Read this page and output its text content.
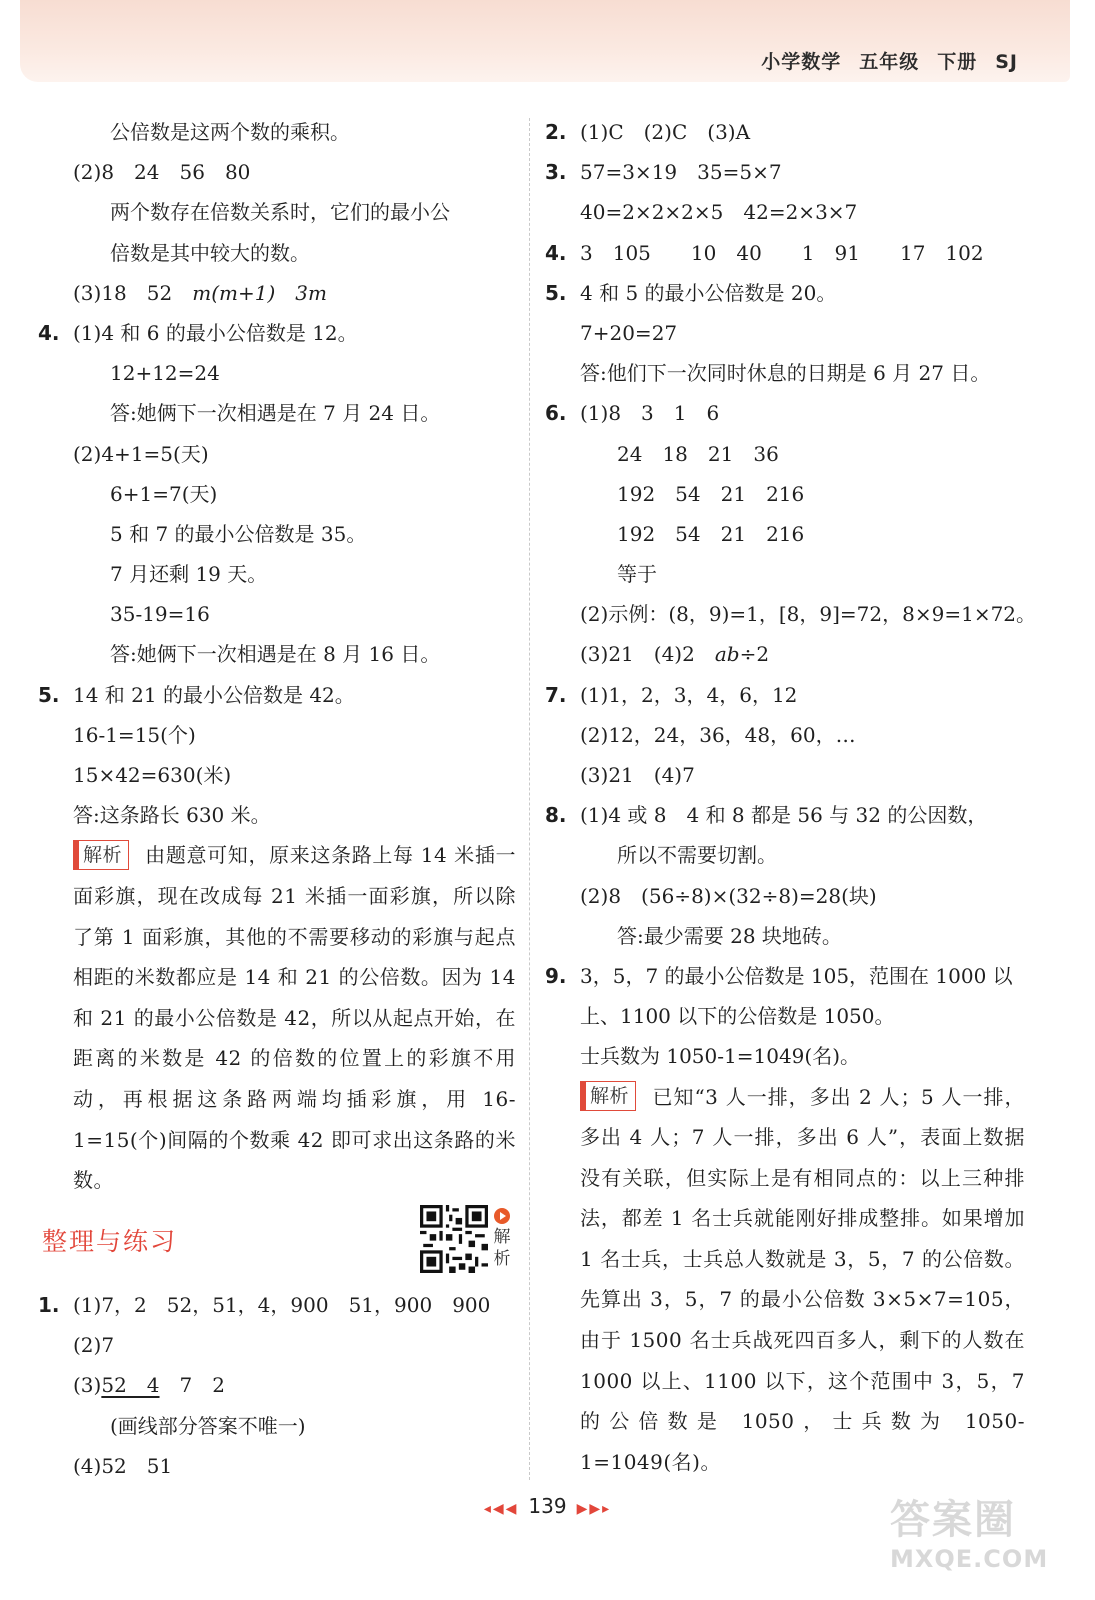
小学数学 五年级 下册 SJ
公倍数是这两个数的乘积。
(2)8　24　56　80
两个数存在倍数关系时，它们的最小公
倍数是其中较大的数。
(3)18　52　m(m+1)　3m
4. (1)4 和 6 的最小公倍数是 12。
12+12=24
答:她俩下一次相遇是在 7 月 24 日。
(2)4+1=5(天)
6+1=7(天)
5 和 7 的最小公倍数是 35。
7 月还剩 19 天。
35-19=16
答:她俩下一次相遇是在 8 月 16 日。
5. 14 和 21 的最小公倍数是 42。
16-1=15(个)
15×42=630(米)
答:这条路长 630 米。
解析 由题意可知，原来这条路上每 14 米插一面彩旗，现在改成每 21 米插一面彩旗，所以除了第 1 面彩旗，其他的不需要移动的彩旗与起点相距的米数都应是 14 和 21 的公倍数。因为 14 和 21 的最小公倍数是 42，所以从起点开始，在距离的米数是 42 的倍数的位置上的彩旗不用动，再根据这条路两端均插彩旗，用 16-1=15(个)间隔的个数乘 42 即可求出这条路的米数。
整理与练习	解析
1. (1)7，2　52，51，4，900　51，900　900
(2)7
(3)52　4　7　2
(画线部分答案不唯一)
(4)52　51
2. (1)C　(2)C　(3)A
3. 57=3×19　35=5×7
40=2×2×2×5　42=2×3×7
4. 3　105　　10　40　　1　91　　17　102
5. 4 和 5 的最小公倍数是 20。
7+20=27
答:他们下一次同时休息的日期是 6 月 27 日。
6. (1)8　3　1　6
24　18　21　36
192　54　21　216
192　54　21　216
等于
(2)示例：(8，9)=1，[8，9]=72，8×9=1×72。
(3)21　(4)2　ab÷2
7. (1)1，2，3，4，6，12
(2)12，24，36，48，60，…
(3)21　(4)7
8. (1)4 或 8　4 和 8 都是 56 与 32 的公因数，
所以不需要切割。
(2)8　(56÷8)×(32÷8)=28(块)
答:最少需要 28 块地砖。
9. 3，5，7 的最小公倍数是 105，范围在 1000 以
上、1100 以下的公倍数是 1050。
士兵数为 1050-1=1049(名)。
解析 已知“3 人一排，多出 2 人；5 人一排，多出 4 人；7 人一排，多出 6 人”，表面上数据没有关联，但实际上是有相同点的：以上三种排法，都差 1 名士兵就能刚好排成整排。如果增加 1 名士兵，士兵总人数就是 3，5，7 的公倍数。先算出 3，5，7 的最小公倍数 3×5×7=105，由于 1500 名士兵战死四百多人，剩下的人数在 1000 以上、1100 以下，这个范围中 3，5，7 的公倍数是 1050，士兵数为 1050-1=1049(名)。
◂◀◀ 139 ▶▶▸	答案圈
MXQE.COM
